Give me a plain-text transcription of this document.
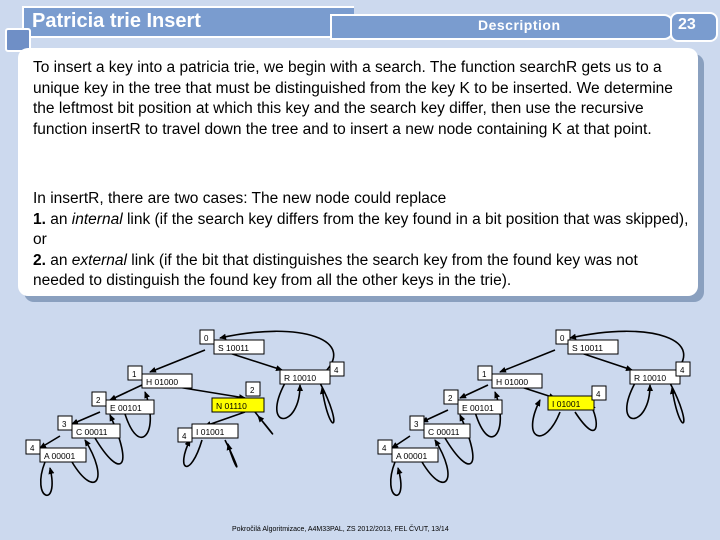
Patricia trie Insert	Description	23

To insert a key into a patricia trie, we begin with a search. The function searchR gets us to a unique key in the tree that must be distinguished from the key K to be inserted. We determine the leftmost bit position at which this key and the search key differ, then use the recursive function insertR to travel down the tree and to insert a new node containing K at that point.

In insertR, there are two cases: The new node could replace
1. an internal link (if the search key differs from the key found in a bit position that was skipped), or
2. an external link (if the bit that distinguishes the search key from the found key was not needed to distinguish the found key from all the other keys in the trie).
0
S 10011
1
H 01000	R 10010
4
2
E 00101
2
N 01110
3
C 00011	4 I 01001
4
A 00001
0
S 10011
1
H 01000	R 10010
4
I 01001
4
2
E 00101
3
C 00011
4
A 00001
Pokročilá Algoritmizace, A4M33PAL, ZS 2012/2013, FEL ČVUT, 13/14
